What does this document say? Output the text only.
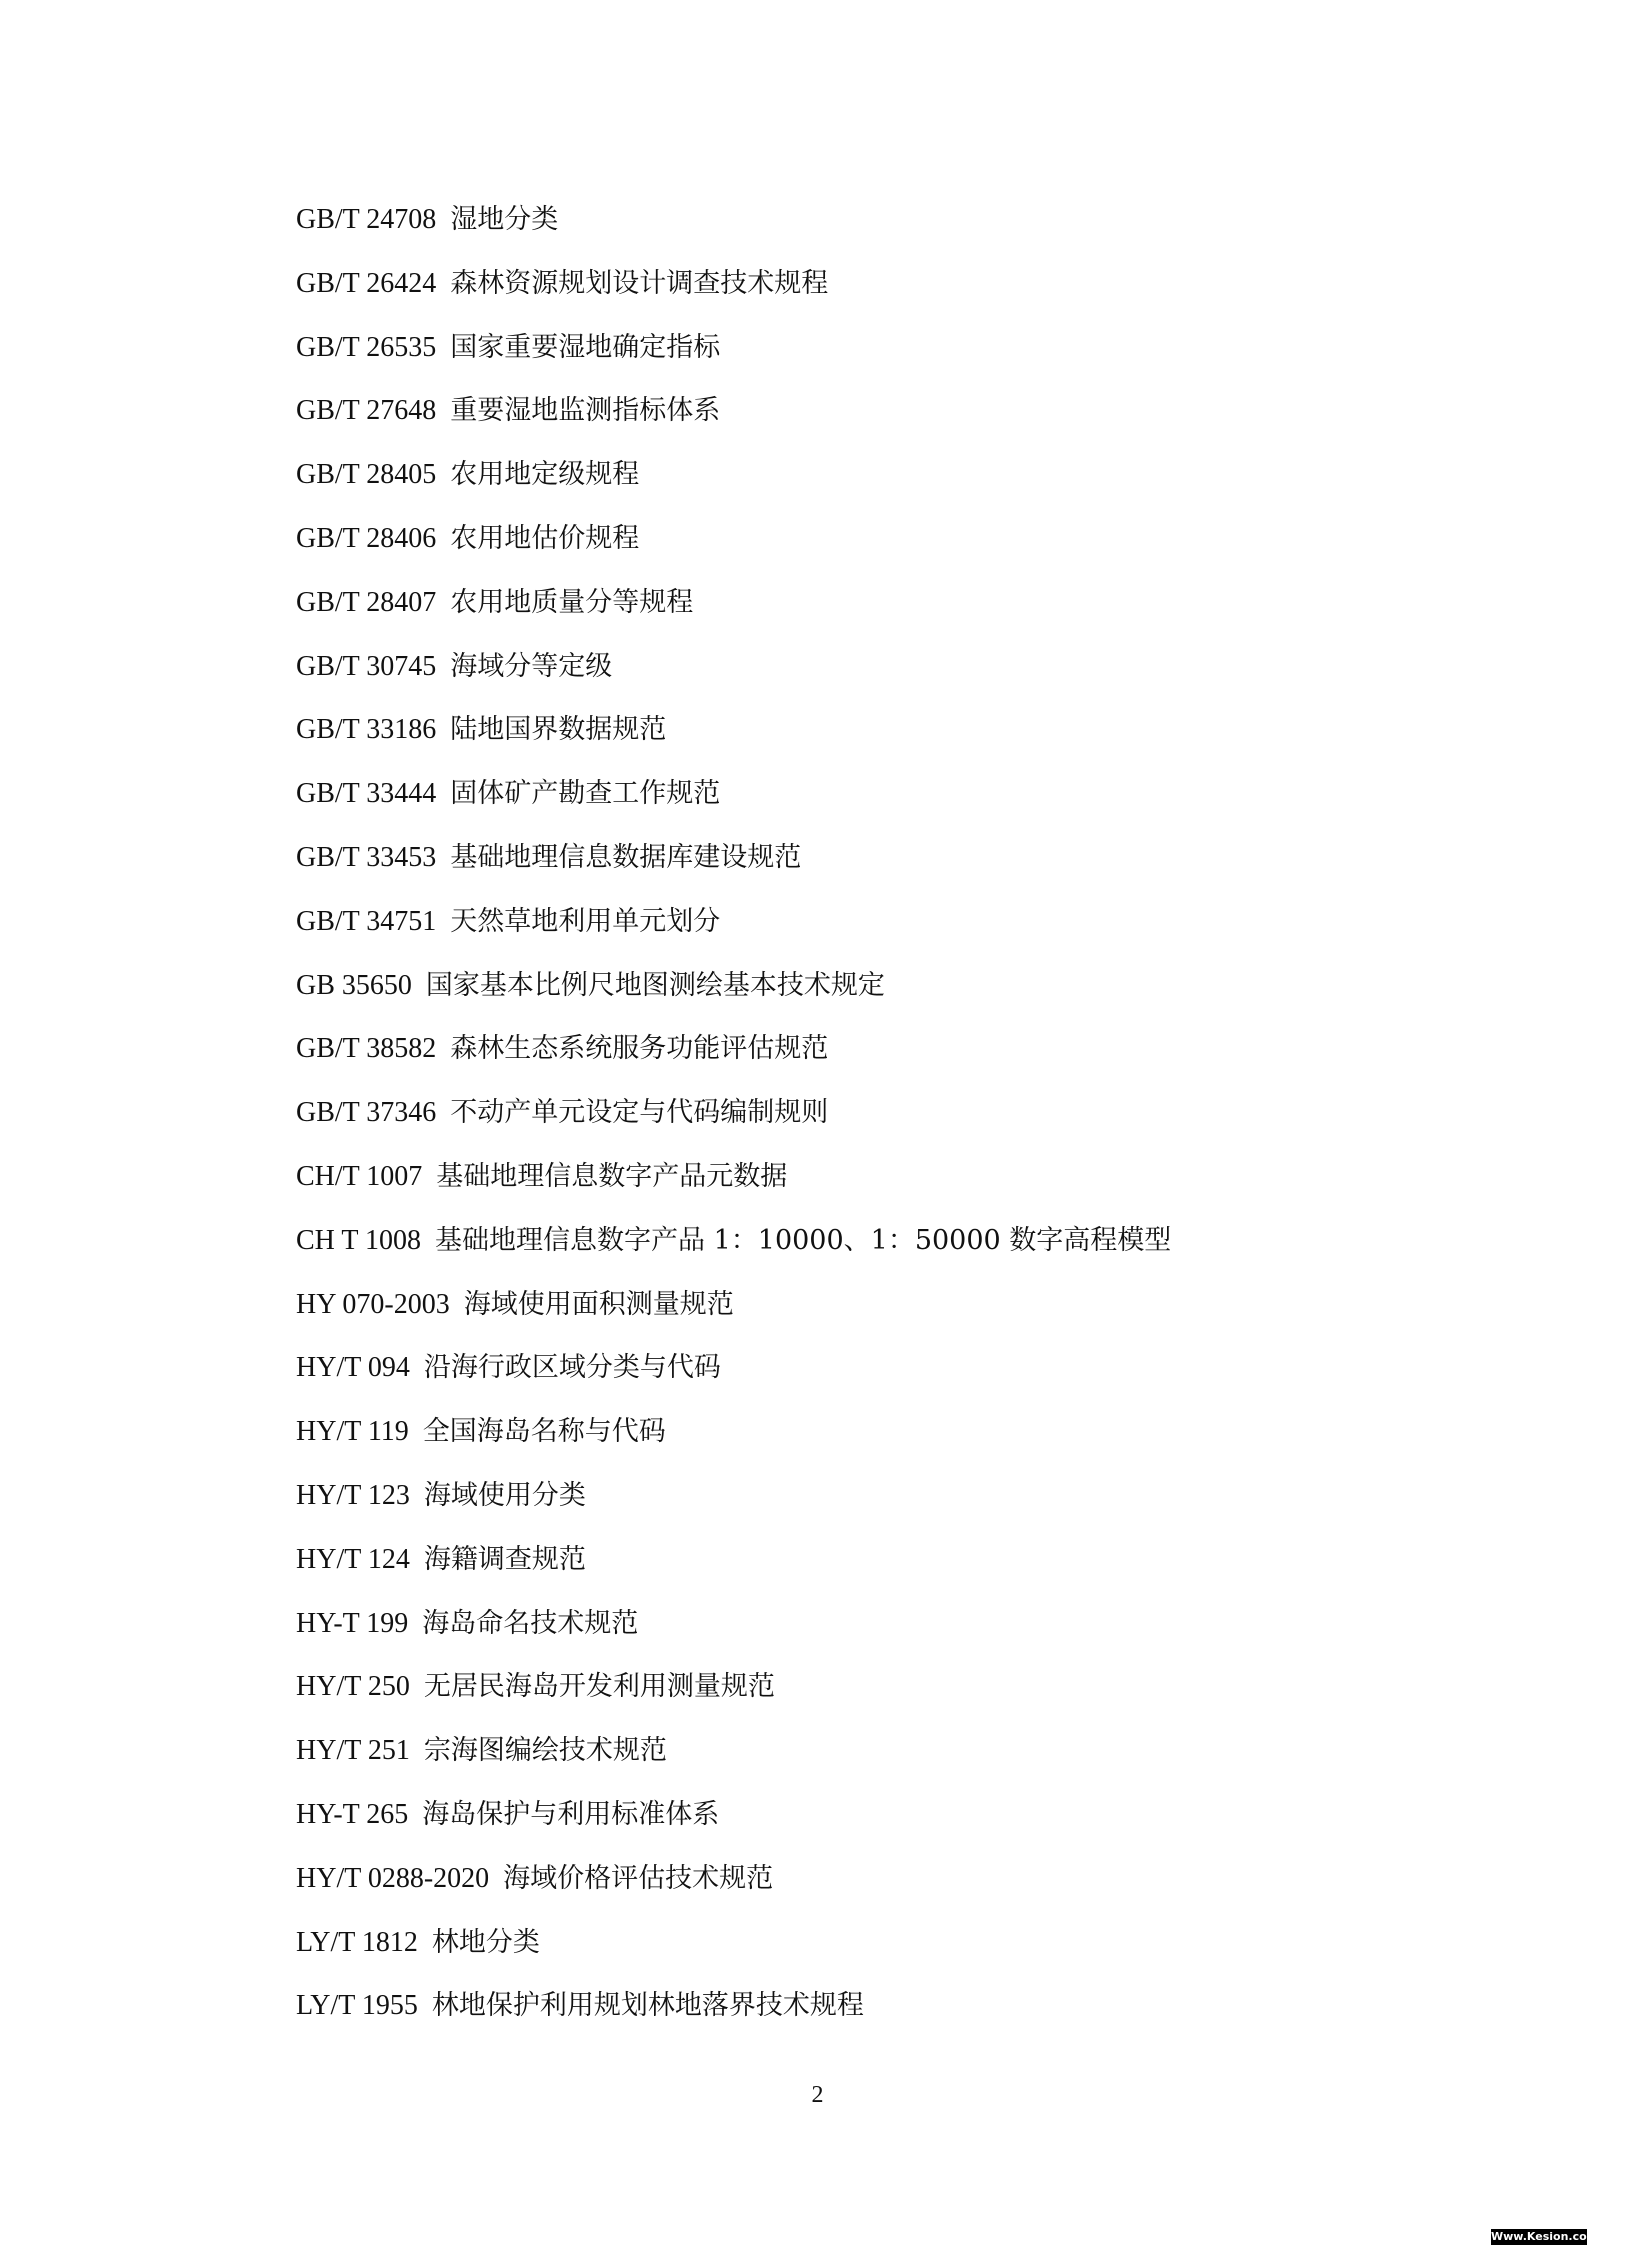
GB/T 24708 湿地分类
GB/T 26424 森林资源规划设计调查技术规程
GB/T 26535 国家重要湿地确定指标
GB/T 27648 重要湿地监测指标体系
GB/T 28405 农用地定级规程
GB/T 28406 农用地估价规程
GB/T 28407 农用地质量分等规程
GB/T 30745 海域分等定级
GB/T 33186 陆地国界数据规范
GB/T 33444 固体矿产勘查工作规范
GB/T 33453 基础地理信息数据库建设规范
GB/T 34751 天然草地利用单元划分
GB 35650 国家基本比例尺地图测绘基本技术规定
GB/T 38582 森林生态系统服务功能评估规范
GB/T 37346 不动产单元设定与代码编制规则
CH/T 1007 基础地理信息数字产品元数据
CH T 1008 基础地理信息数字产品 1：10000、1：50000 数字高程模型
HY 070-2003 海域使用面积测量规范
HY/T 094 沿海行政区域分类与代码
HY/T 119 全国海岛名称与代码
HY/T 123 海域使用分类
HY/T 124 海籍调查规范
HY-T 199 海岛命名技术规范
HY/T 250 无居民海岛开发利用测量规范
HY/T 251 宗海图编绘技术规范
HY-T 265 海岛保护与利用标准体系
HY/T 0288-2020 海域价格评估技术规范
LY/T 1812 林地分类
LY/T 1955 林地保护利用规划林地落界技术规程
2
Www.Kesion.com
